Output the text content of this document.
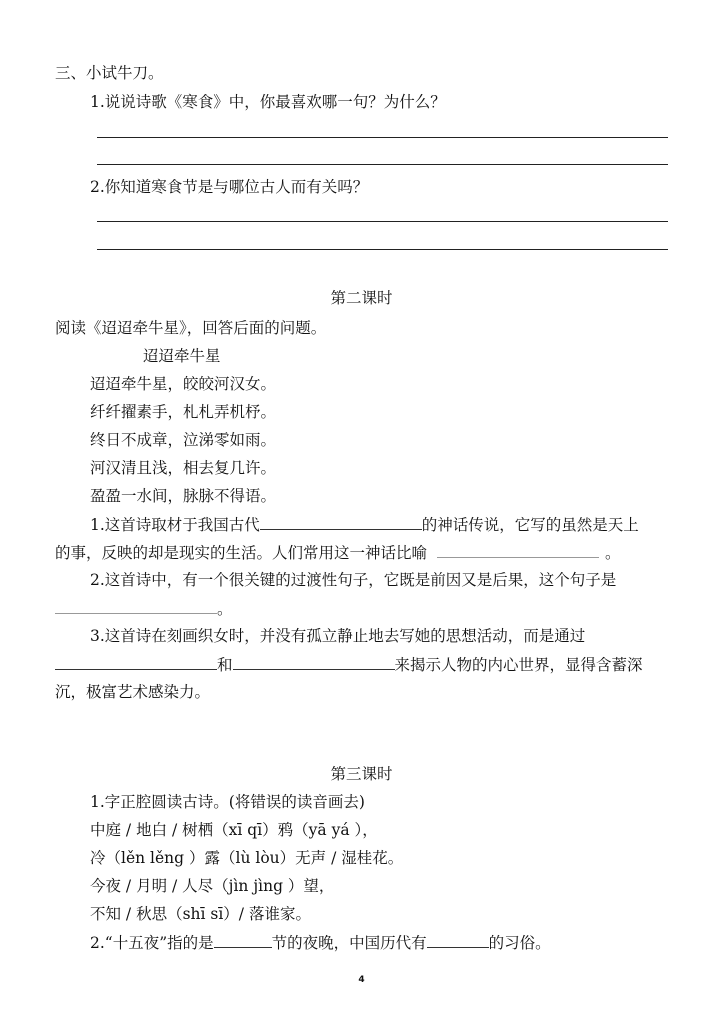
三、小试牛刀。
1.说说诗歌《寒食》中，你最喜欢哪一句？为什么？
2.你知道寒食节是与哪位古人而有关吗？
第二课时
阅读《迢迢牵牛星》，回答后面的问题。
迢迢牵牛星
迢迢牵牛星，皎皎河汉女。
纤纤擢素手，札札弄机杼。
终日不成章，泣涕零如雨。
河汉清且浅，相去复几许。
盈盈一水间，脉脉不得语。
1.这首诗取材于我国古代	的神话传说，它写的虽然是天上
的事，反映的却是现实的生活。人们常用这一神话比喻	。
2.这首诗中，有一个很关键的过渡性句子，它既是前因又是后果，这个句子是
。
3.这首诗在刻画织女时，并没有孤立静止地去写她的思想活动，而是通过
和	来揭示人物的内心世界，显得含蓄深
沉，极富艺术感染力。
第三课时
1.字正腔圆读古诗。(将错误的读音画去)
中庭 / 地白 / 树栖（xī qī）鸦（yā yá ），
冷（lěn lěng ）露（lù lòu）无声 / 湿桂花。
今夜 / 月明 / 人尽（jìn jìng ）望，
不知 / 秋思（shī sī）/ 落谁家。
2.“十五夜”指的是	节的夜晚，中国历代有	的习俗。
4
